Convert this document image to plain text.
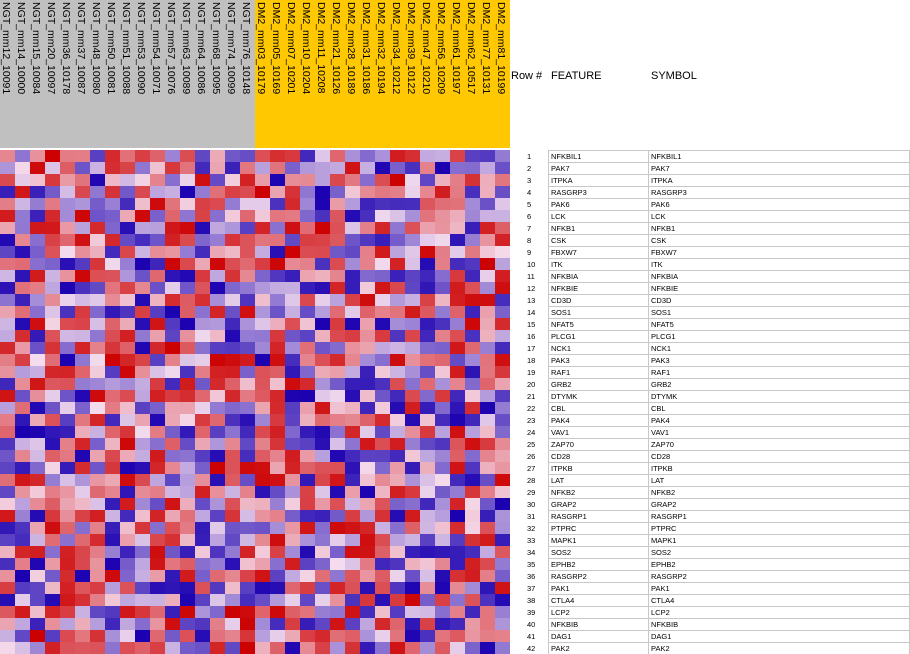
NGT_mm12_10091 NGT_mm14_10000 NGT_mm15_10084 NGT_mm20_10097 NGT_mm36_10178 NGT_mm37_10087 NGT_mm48_10080 NGT_mm50_10081 NGT_mm51_10088 NGT_mm53_10090 NGT_mm54_10071 NGT_mm57_10076 NGT_mm63_10089 NGT_mm64_10086 NGT_mm68_10095 NGT_mm74_10099 NGT_mm76_10148 DM2_mm03_10179 DM2_mm05_10169 DM2_mm07_10201 DM2_mm10_10204 DM2_mm11_10208 DM2_mm21_10126 DM2_mm28_10189 DM2_mm31_10186 DM2_mm32_10194 DM2_mm34_10212 DM2_mm39_10122 DM2_mm47_10210 DM2_mm56_10209 DM2_mm61_10197 DM2_mm62_10517 DM2_mm77_10131 DM2_mm81_10199 Row # FEATURE	SYMBOL
1	NFKBIL1	NFKBIL1
2	PAK7	PAK7
3	ITPKA	ITPKA
4	RASGRP3	RASGRP3
5	PAK6	PAK6
6	LCK	LCK
7	NFKB1	NFKB1
8	CSK	CSK
9	FBXW7	FBXW7
10 ITK	ITK
11 NFKBIA	NFKBIA
12 NFKBIE	NFKBIE
13 CD3D	CD3D
14 SOS1	SOS1
15 NFAT5	NFAT5
16 PLCG1	PLCG1
17 NCK1	NCK1
18 PAK3	PAK3
19 RAF1	RAF1
20 GRB2	GRB2
21 DTYMK	DTYMK
22 CBL	CBL
23 PAK4	PAK4
24 VAV1	VAV1
25 ZAP70	ZAP70
26 CD28	CD28
27 ITPKB	ITPKB
28 LAT	LAT
29 NFKB2	NFKB2
30 GRAP2	GRAP2
31 RASGRP1	RASGRP1
32 PTPRC	PTPRC
33 MAPK1	MAPK1
34 SOS2	SOS2
35 EPHB2	EPHB2
36 RASGRP2	RASGRP2
37 PAK1	PAK1
38 CTLA4	CTLA4
39 LCP2	LCP2
40 NFKBIB	NFKBIB
41 DAG1	DAG1
42 PAK2	PAK2
